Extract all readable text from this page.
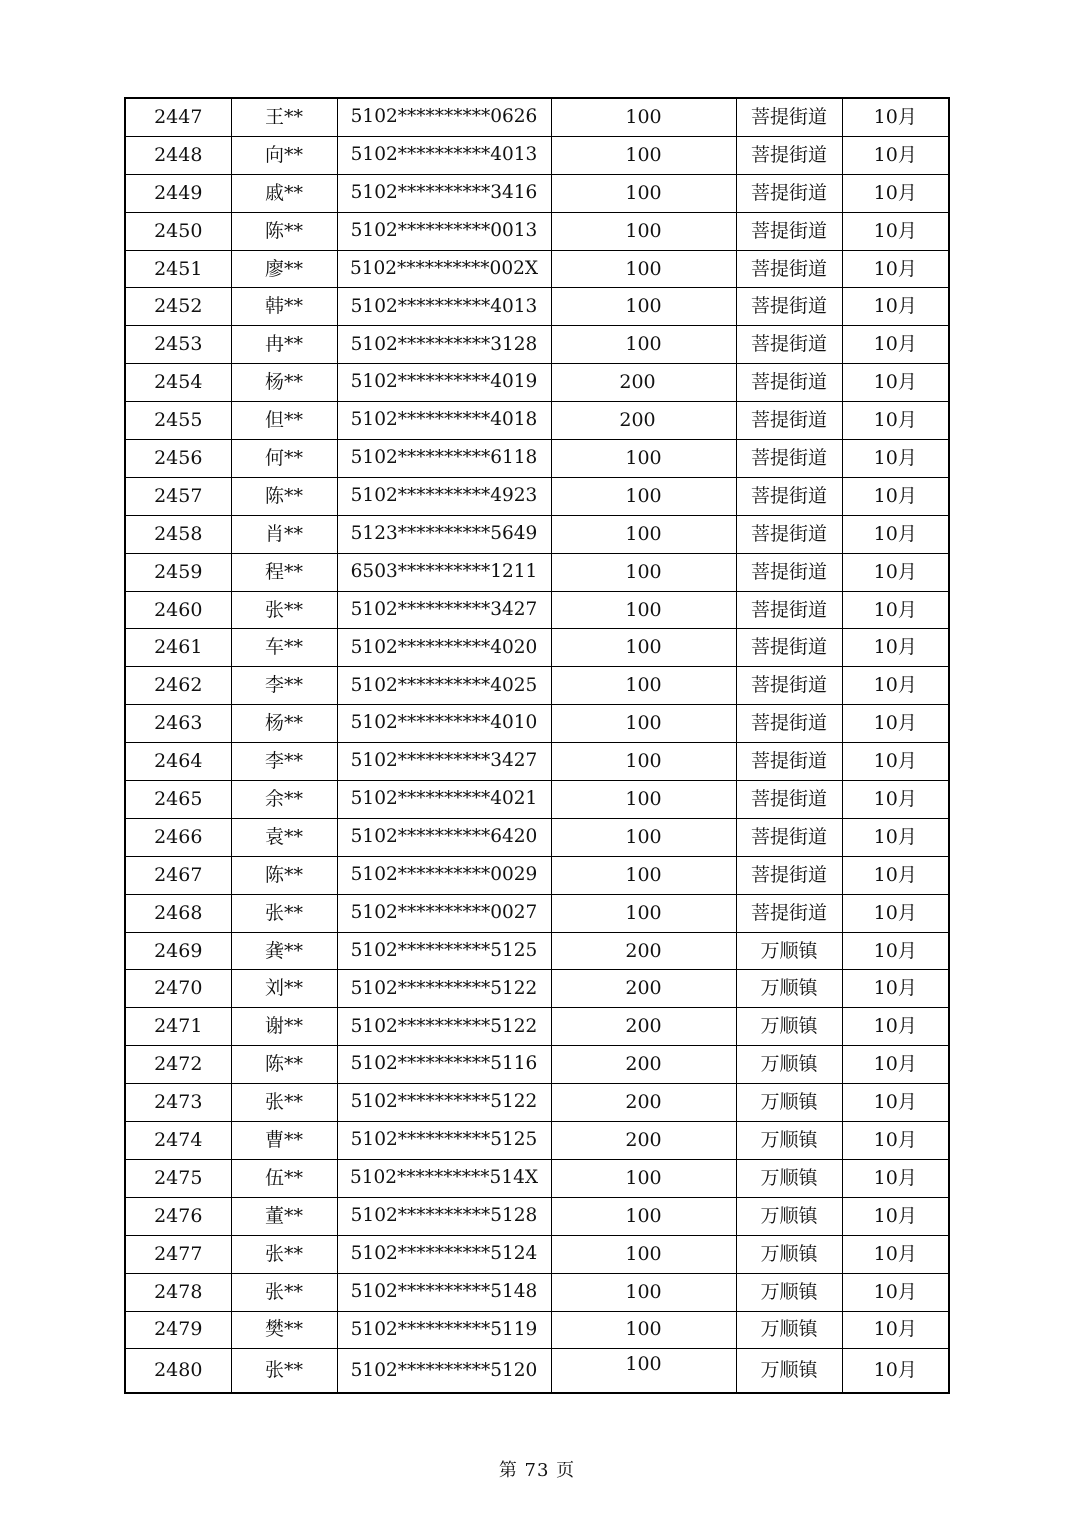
2447	王**	5102**********0626	100	菩提街道	10月
2448	向**	5102**********4013	100	菩提街道	10月
2449	戚**	5102**********3416	100	菩提街道	10月
2450	陈**	5102**********0013	100	菩提街道	10月
2451	廖**	5102**********002X	100	菩提街道	10月
2452	韩**	5102**********4013	100	菩提街道	10月
2453	冉**	5102**********3128	100	菩提街道	10月
2454	杨**	5102**********4019	200	菩提街道	10月
2455	但**	5102**********4018	200	菩提街道	10月
2456	何**	5102**********6118	100	菩提街道	10月
2457	陈**	5102**********4923	100	菩提街道	10月
2458	肖**	5123**********5649	100	菩提街道	10月
2459	程**	6503**********1211	100	菩提街道	10月
2460	张**	5102**********3427	100	菩提街道	10月
2461	车**	5102**********4020	100	菩提街道	10月
2462	李**	5102**********4025	100	菩提街道	10月
2463	杨**	5102**********4010	100	菩提街道	10月
2464	李**	5102**********3427	100	菩提街道	10月
2465	余**	5102**********4021	100	菩提街道	10月
2466	袁**	5102**********6420	100	菩提街道	10月
2467	陈**	5102**********0029	100	菩提街道	10月
2468	张**	5102**********0027	100	菩提街道	10月
2469	龚**	5102**********5125	200	万顺镇	10月
2470	刘**	5102**********5122	200	万顺镇	10月
2471	谢**	5102**********5122	200	万顺镇	10月
2472	陈**	5102**********5116	200	万顺镇	10月
2473	张**	5102**********5122	200	万顺镇	10月
2474	曹**	5102**********5125	200	万顺镇	10月
2475	伍**	5102**********514X	100	万顺镇	10月
2476	董**	5102**********5128	100	万顺镇	10月
2477	张**	5102**********5124	100	万顺镇	10月
2478	张**	5102**********5148	100	万顺镇	10月
2479	樊**	5102**********5119	100	万顺镇	10月
2480	张**	5102**********5120	100	万顺镇	10月
第 73 页
